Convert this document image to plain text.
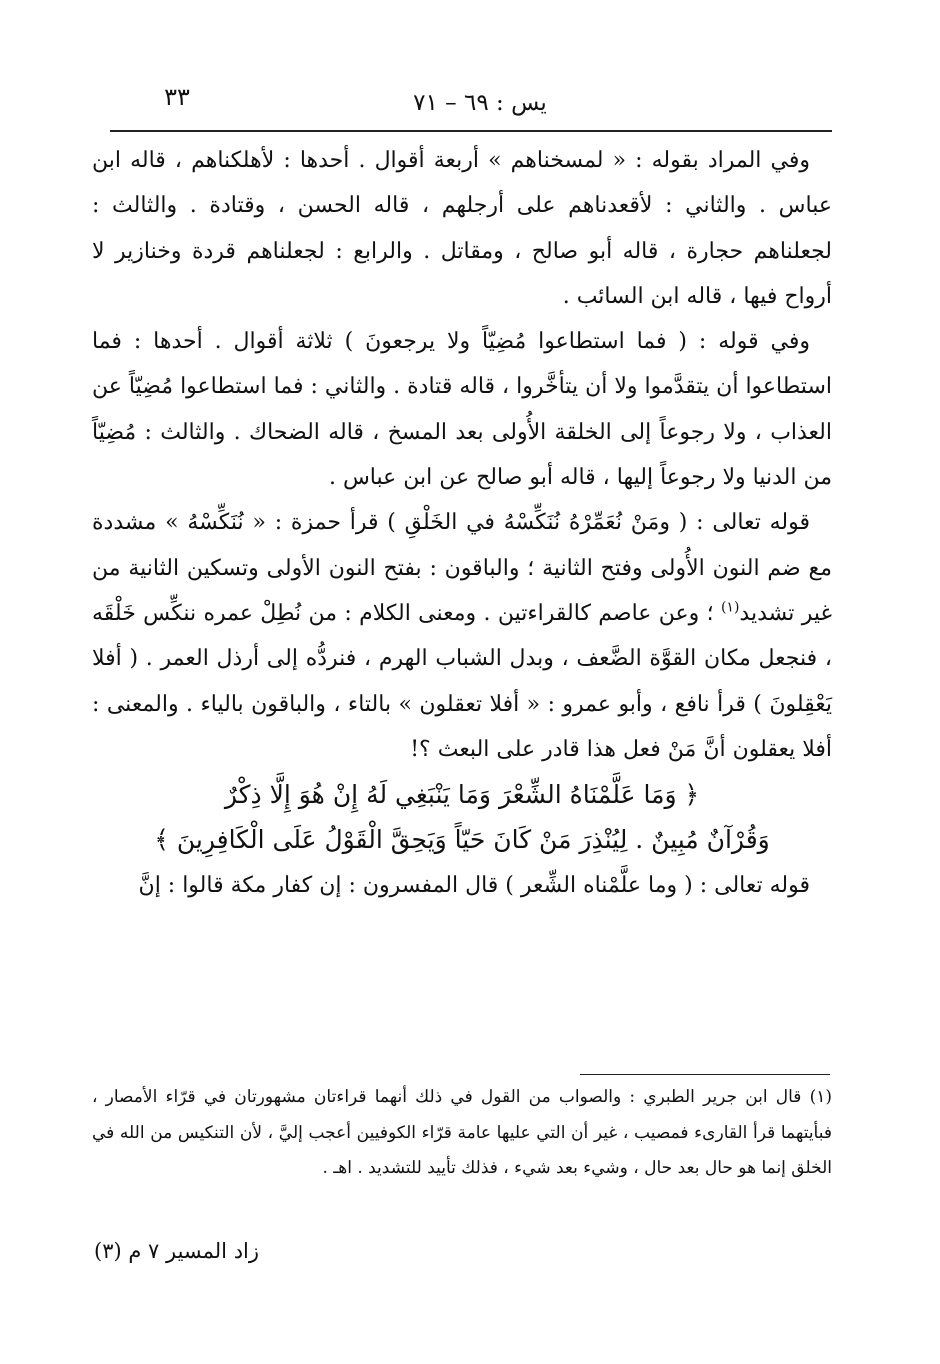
٣٣	يس : ٦٩ – ٧١

وفي المراد بقوله : « لمسخناهم » أربعة أقوال . أحدها : لأهلكناهم ، قاله ابن عباس . والثاني : لأقعدناهم على أرجلهم ، قاله الحسن ، وقتادة . والثالث : لجعلناهم حجارة ، قاله أبو صالح ، ومقاتل . والرابع : لجعلناهم قردة وخنازير لا أرواح فيها ، قاله ابن السائب .

وفي قوله : ( فما استطاعوا مُضِيّاً ولا يرجعونَ ) ثلاثة أقوال . أحدها : فما استطاعوا أن يتقدَّموا ولا أن يتأخَّروا ، قاله قتادة . والثاني : فما استطاعوا مُضِيّاً عن العذاب ، ولا رجوعاً إلى الخلقة الأُولى بعد المسخ ، قاله الضحاك . والثالث : مُضِيّاً من الدنيا ولا رجوعاً إليها ، قاله أبو صالح عن ابن عباس .

قوله تعالى : ( ومَنْ نُعَمِّرْهُ نُنَكِّسْهُ في الخَلْقِ ) قرأ حمزة : « نُنَكِّسْهُ » مشددة مع ضم النون الأُولى وفتح الثانية ؛ والباقون : بفتح النون الأولى وتسكين الثانية من غير تشديد$^{(١)}$ ؛ وعن عاصم كالقراءتين . ومعنى الكلام : من نُطِلْ عمره ننكِّس خَلْقَه ، فنجعل مكان القوَّة الضَّعف ، وبدل الشباب الهرم ، فنردُّه إلى أرذل العمر . ( أفلا يَعْقِلونَ ) قرأ نافع ، وأبو عمرو : « أفلا تعقلون » بالتاء ، والباقون بالياء . والمعنى : أفلا يعقلون أنَّ مَنْ فعل هذا قادر على البعث ؟!

﴿ وَمَا عَلَّمْنَاهُ الشِّعْرَ وَمَا يَنْبَغِي لَهُ إِنْ هُوَ إِلَّا ذِكْرٌ

وَقُرْآنٌ مُبِينٌ . لِيُنْذِرَ مَنْ كَانَ حَيّاً وَيَحِقَّ الْقَوْلُ عَلَى الْكَافِرِينَ ﴾

قوله تعالى : ( وما علَّمْناه الشِّعر ) قال المفسرون : إن كفار مكة قالوا : إنَّ

(١) قال ابن جرير الطبري : والصواب من القول في ذلك أنهما قراءتان مشهورتان في قرّاء الأمصار ، فبأيتهما قرأ القارىء فمصيب ، غير أن التي عليها عامة قرّاء الكوفيين أعجب إليَّ ، لأن التنكيس من الله في الخلق إنما هو حال بعد حال ، وشيء بعد شيء ، فذلك تأييد للتشديد . اهـ .

زاد المسير ٧ م (٣)
